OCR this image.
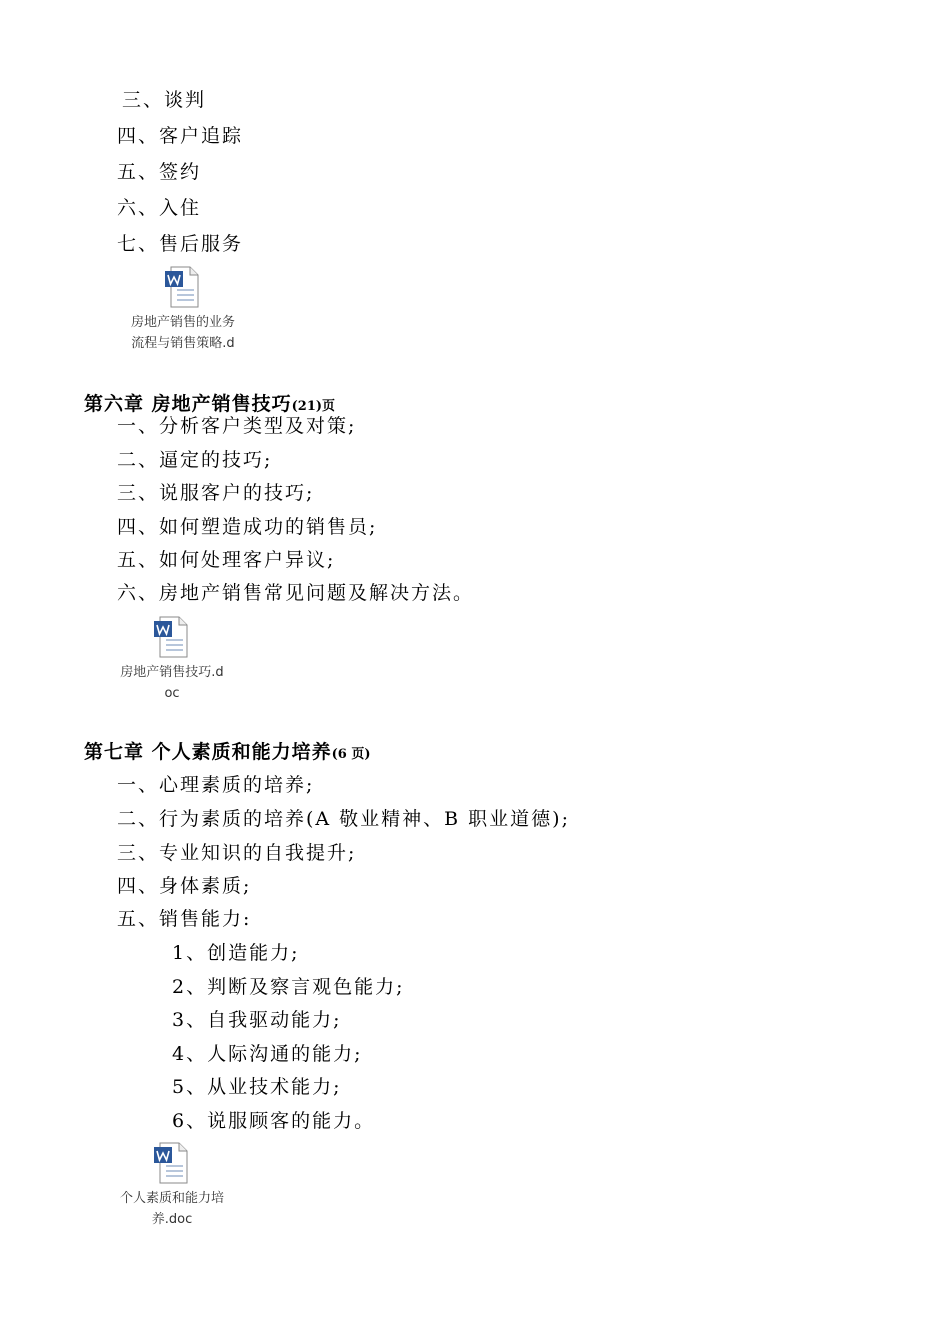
三、谈判
四、客户追踪
五、签约
六、入住
七、售后服务
房地产销售的业务
流程与销售策略.d
第六章 房地产销售技巧(21)页
一、分析客户类型及对策;
二、逼定的技巧;
三、说服客户的技巧;
四、如何塑造成功的销售员;
五、如何处理客户异议;
六、房地产销售常见问题及解决方法。
房地产销售技巧.d
oc
第七章 个人素质和能力培养(6 页)
一、心理素质的培养;
二、行为素质的培养(A 敬业精神、B 职业道德);
三、专业知识的自我提升;
四、身体素质;
五、销售能力:
1、创造能力;
2、判断及察言观色能力;
3、自我驱动能力;
4、人际沟通的能力;
5、从业技术能力;
6、说服顾客的能力。
个人素质和能力培
养.doc
